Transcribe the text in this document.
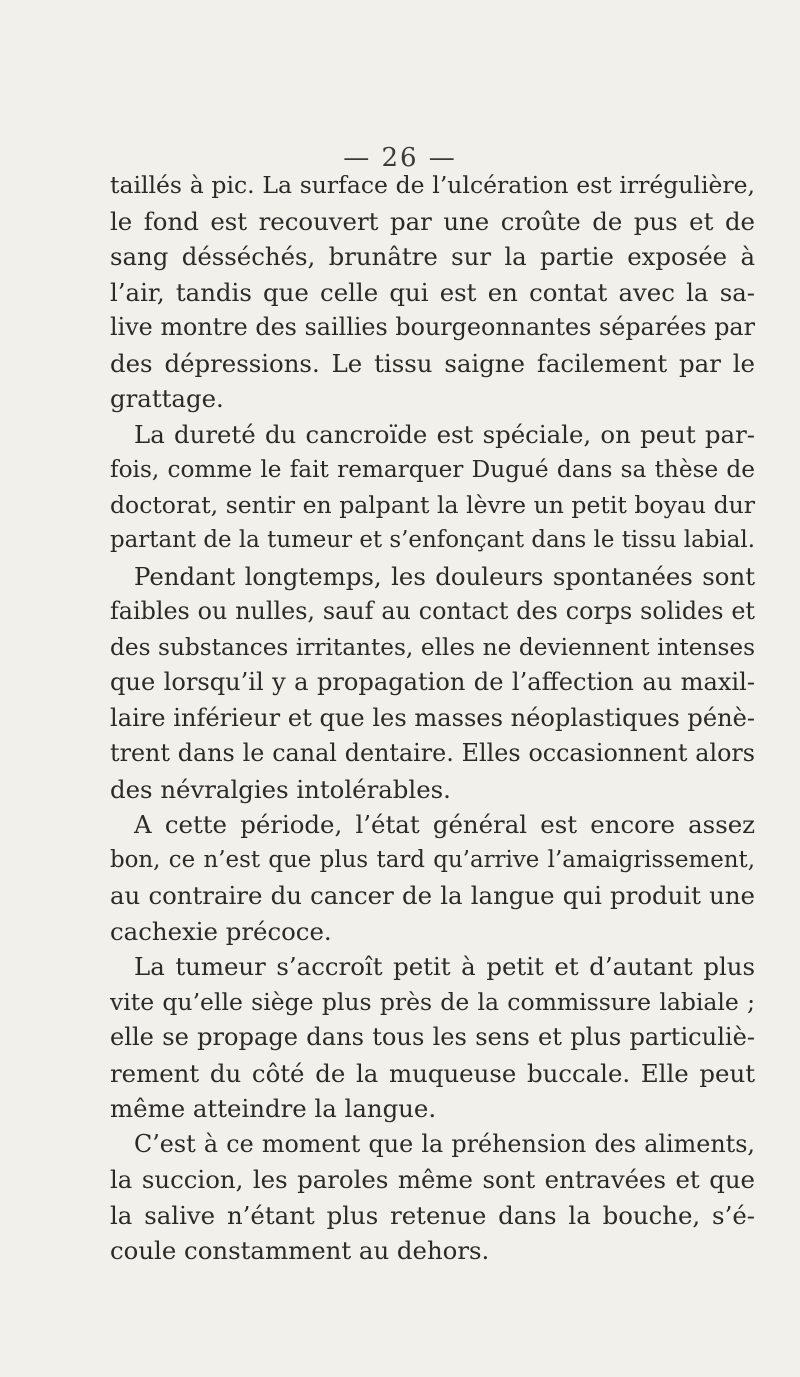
— 26 —
taillés à pic. La surface de l’ulcération est irrégulière,
le fond est recouvert par une croûte de pus et de
sang désséchés, brunâtre sur la partie exposée à
l’air, tandis que celle qui est en contat avec la sa-
live montre des saillies bourgeonnantes séparées par
des dépressions. Le tissu saigne facilement par le
grattage.
La dureté du cancroïde est spéciale, on peut par-
fois, comme le fait remarquer Dugué dans sa thèse de
doctorat, sentir en palpant la lèvre un petit boyau dur
partant de la tumeur et s’enfonçant dans le tissu labial.
Pendant longtemps, les douleurs spontanées sont
faibles ou nulles, sauf au contact des corps solides et
des substances irritantes, elles ne deviennent intenses
que lorsqu’il y a propagation de l’affection au maxil-
laire inférieur et que les masses néoplastiques pénè-
trent dans le canal dentaire. Elles occasionnent alors
des névralgies intolérables.
A cette période, l’état général est encore assez
bon, ce n’est que plus tard qu’arrive l’amaigrissement,
au contraire du cancer de la langue qui produit une
cachexie précoce.
La tumeur s’accroît petit à petit et d’autant plus
vite qu’elle siège plus près de la commissure labiale ;
elle se propage dans tous les sens et plus particuliè-
rement du côté de la muqueuse buccale. Elle peut
même atteindre la langue.
C’est à ce moment que la préhension des aliments,
la succion, les paroles même sont entravées et que
la salive n’étant plus retenue dans la bouche, s’é-
coule constamment au dehors.
